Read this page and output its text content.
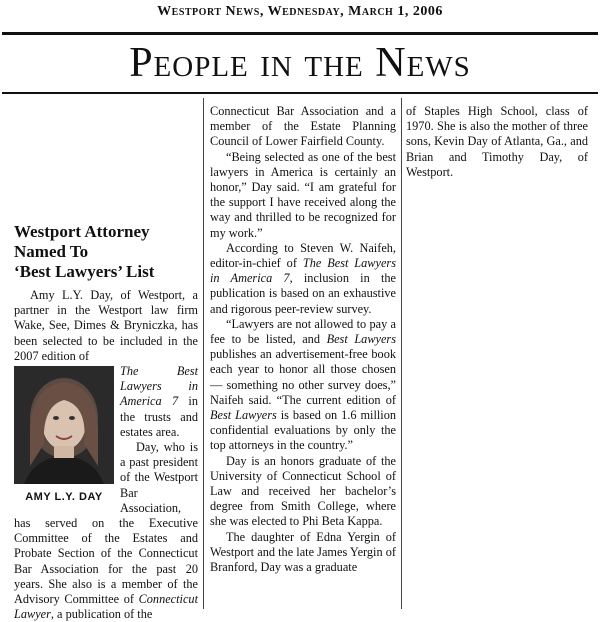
Westport News, Wednesday, March 1, 2006
People in the News
Westport Attorney
Named To
‘Best Lawyers’ List

Amy L.Y. Day, of Westport, a partner in the Westport law firm Wake, See, Dimes & Bryniczka, has been selected to be included in the 2007 edition of

AMY L.Y. DAY

The Best Lawyers in America 7 in the trusts and estates area.

Day, who is a past president of the Westport Bar Association, has served on the Executive Committee of the Estates and Probate Section of the Connecticut Bar Association for the past 20 years. She also is a member of the Advisory Committee of Connecticut Lawyer, a publication of the

Connecticut Bar Association and a member of the Estate Planning Council of Lower Fairfield County.

“Being selected as one of the best lawyers in America is certainly an honor,” Day said. “I am grateful for the support I have received along the way and thrilled to be recognized for my work.”

According to Steven W. Naifeh, editor-in-chief of The Best Lawyers in America 7, inclusion in the publication is based on an exhaustive and rigorous peer-review survey.

“Lawyers are not allowed to pay a fee to be listed, and Best Lawyers publishes an advertisement-free book each year to honor all those chosen — something no other survey does,” Naifeh said. “The current edition of Best Lawyers is based on 1.6 million confidential evaluations by only the top attorneys in the country.”

Day is an honors graduate of the University of Connecticut School of Law and received her bachelor’s degree from Smith College, where she was elected to Phi Beta Kappa.

The daughter of Edna Yergin of Westport and the late James Yergin of Branford, Day was a graduate

of Staples High School, class of 1970. She is also the mother of three sons, Kevin Day of Atlanta, Ga., and Brian and Timothy Day, of Westport.
